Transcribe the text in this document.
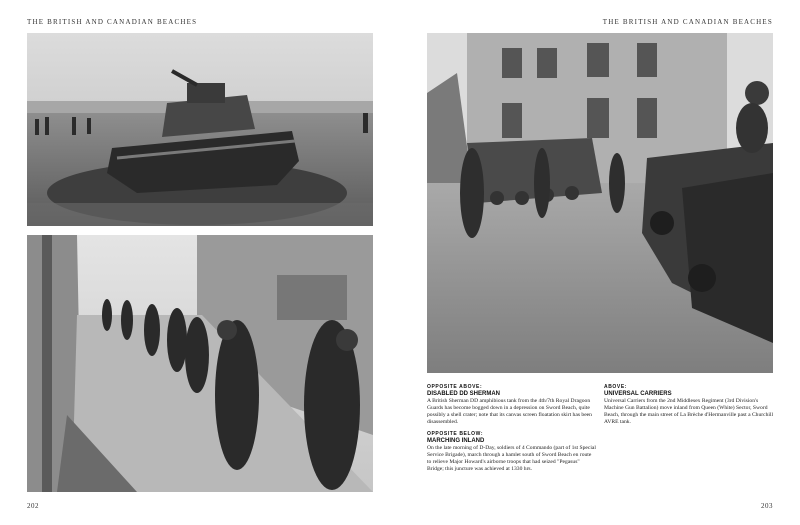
THE BRITISH AND CANADIAN BEACHES
202
THE BRITISH AND CANADIAN BEACHES
OPPOSITE ABOVE:
DISABLED DD SHERMAN
A British Sherman DD amphibious tank from the 4th/7th Royal Dragoon Guards has become bogged down in a depression on Sword Beach, quite possibly a shell crater; note that its canvas screen floatation skirt has been disassembled.
OPPOSITE BELOW:
MARCHING INLAND
On the late morning of D-Day, soldiers of 4 Commando (part of 1st Special Service Brigade), march through a hamlet south of Sword Beach en route to relieve Major Howard's airborne troops that had seized "Pegasus" Bridge; this juncture was achieved at 1330 hrs.
ABOVE:
UNIVERSAL CARRIERS
Universal Carriers from the 2nd Middlesex Regiment (3rd Division's Machine Gun Battalion) move inland from Queen (White) Sector, Sword Beach, through the main street of La Brèche d'Hermanville past a Churchill AVRE tank.
203
